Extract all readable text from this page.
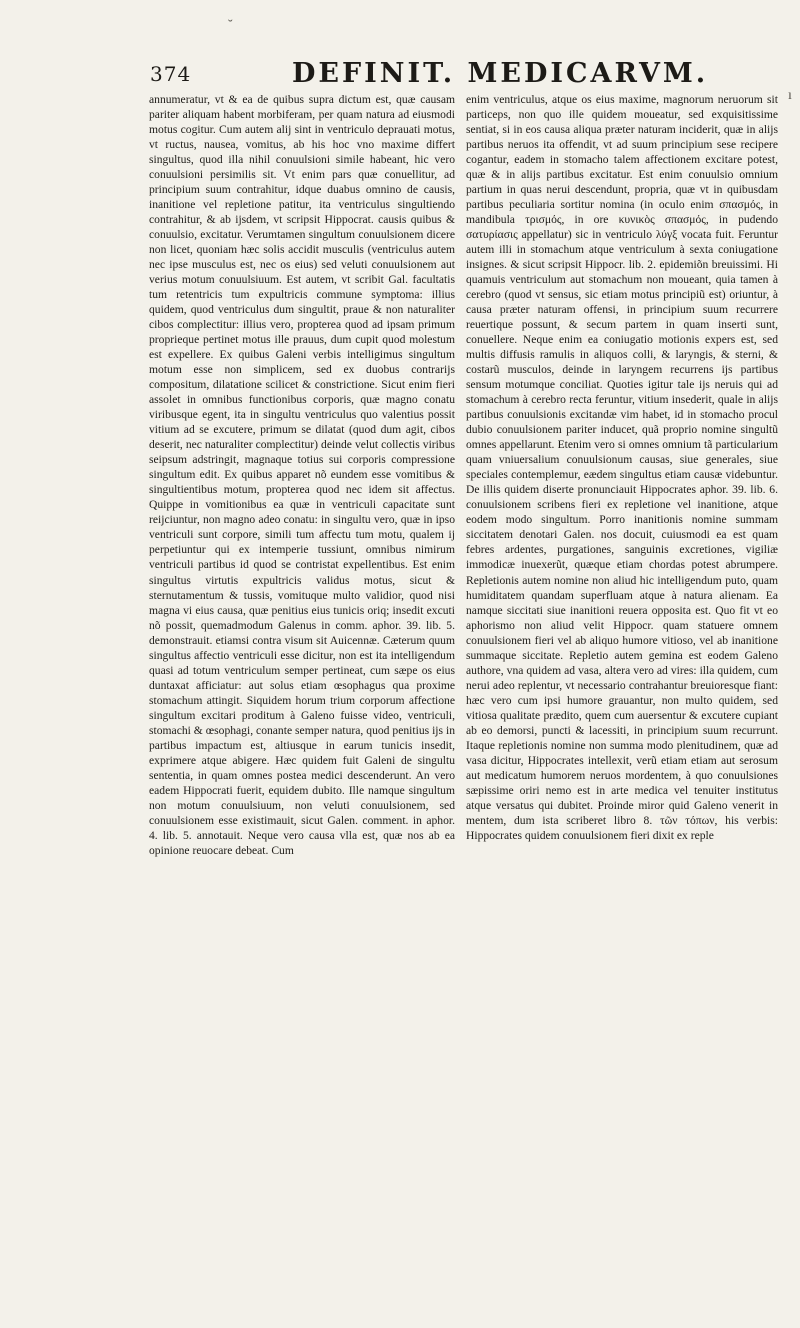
˘
374	DEFINIT. MEDICARVM.

annumeratur, vt & ea de quibus supra dictum est, quæ causam pariter aliquam habent morbiferam, per quam natura ad eiusmodi motus cogitur. Cum autem alij sint in ventriculo deprauati motus, vt ructus, nausea, vomitus, ab his hoc vno maxime differt singultus, quod illa nihil conuulsioni simile habeant, hic vero conuulsioni persimilis sit. Vt enim pars quæ conuellitur, ad principium suum contrahitur, idque duabus omnino de causis, inanitione vel repletione patitur, ita ventriculus singultiendo contrahitur, & ab ijsdem, vt scripsit Hippocrat. causis quibus & conuulsio, excitatur. Verumtamen singultum conuulsionem dicere non licet, quoniam hæc solis accidit musculis (ventriculus autem nec ipse musculus est, nec os eius) sed veluti conuulsionem aut verius motum conuulsiuum. Est autem, vt scribit Gal. facultatis tum retentricis tum expultricis commune symptoma: illius quidem, quod ventriculus dum singultit, praue & non naturaliter cibos complectitur: illius vero, propterea quod ad ipsam primum proprieque pertinet motus ille prauus, dum cupit quod molestum est expellere. Ex quibus Galeni verbis intelligimus singultum motum esse non simplicem, sed ex duobus contrarijs compositum, dilatatione scilicet & constrictione. Sicut enim fieri assolet in omnibus functionibus corporis, quæ magno conatu viribusque egent, ita in singultu ventriculus quo valentius possit vitium ad se excutere, primum se dilatat (quod dum agit, cibos deserit, nec naturaliter complectitur) deinde velut collectis viribus seipsum adstringit, magnaque totius sui corporis compressione singultum edit. Ex quibus apparet nõ eundem esse vomitibus & singultientibus motum, propterea quod nec idem sit affectus. Quippe in vomitionibus ea quæ in ventriculi capacitate sunt reijciuntur, non magno adeo conatu: in singultu vero, quæ in ipso ventriculi sunt corpore, simili tum affectu tum motu, qualem ij perpetiuntur qui ex intemperie tussiunt, omnibus nimirum ventriculi partibus id quod se contristat expellentibus. Est enim singultus virtutis expultricis validus motus, sicut & sternutamentum & tussis, vomituque multo validior, quod nisi magna vi eius causa, quæ penitius eius tunicis oriq; insedit excuti nõ possit, quemadmodum Galenus in comm. aphor. 39. lib. 5. demonstrauit. etiamsi contra visum sit Auicennæ. Cæterum quum singultus affectio ventriculi esse dicitur, non est ita intelligendum quasi ad totum ventriculum semper pertineat, cum sæpe os eius duntaxat afficiatur: aut solus etiam œsophagus qua proxime stomachum attingit. Siquidem horum trium corporum affectione singultum excitari proditum à Galeno fuisse video, ventriculi, stomachi & œsophagi, conante semper natura, quod penitius ijs in partibus impactum est, altiusque in earum tunicis insedit, exprimere atque abigere. Hæc quidem fuit Galeni de singultu sententia, in quam omnes postea medici descenderunt. An vero eadem Hippocrati fuerit, equidem dubito. Ille namque singultum non motum conuulsiuum, non veluti conuulsionem, sed conuulsionem esse existimauit, sicut Galen. comment. in aphor. 4. lib. 5. annotauit. Neque vero causa vlla est, quæ nos ab ea opinione reuocare debeat. Cum

enim ventriculus, atque os eius maxime, magnorum neruorum sit particeps, non quo ille quidem moueatur, sed exquisitissime sentiat, si in eos causa aliqua præter naturam inciderit, quæ in alijs partibus neruos ita offendit, vt ad suum principium sese recipere cogantur, eadem in stomacho talem affectionem excitare potest, quæ & in alijs partibus excitatur. Est enim conuulsio omnium partium in quas nerui descendunt, propria, quæ vt in quibusdam partibus peculiaria sortitur nomina (in oculo enim σπασμός, in mandibula τρισμός, in ore κυνικὸς σπασμός, in pudendo σατυρίασις appellatur) sic in ventriculo λύγξ vocata fuit. Feruntur autem illi in stomachum atque ventriculum à sexta coniugatione insignes. & sicut scripsit Hippocr. lib. 2. epidemiõn breuissimi. Hi quamuis ventriculum aut stomachum non moueant, quia tamen à cerebro (quod vt sensus, sic etiam motus principiũ est) oriuntur, à causa præter naturam offensi, in principium suum recurrere reuertique possunt, & secum partem in quam inserti sunt, conuellere. Neque enim ea coniugatio motionis expers est, sed multis diffusis ramulis in aliquos colli, & laryngis, & sterni, & costarũ musculos, deinde in laryngem recurrens ijs partibus sensum motumque conciliat. Quoties igitur tale ijs neruis qui ad stomachum à cerebro recta feruntur, vitium insederit, quale in alijs partibus conuulsionis excitandæ vim habet, id in stomacho procul dubio conuulsionem pariter inducet, quã proprio nomine singultũ omnes appellarunt. Etenim vero si omnes omnium tã particularium quam vniuersalium conuulsionum causas, siue generales, siue speciales contemplemur, eædem singultus etiam causæ videbuntur. De illis quidem diserte pronunciauit Hippocrates aphor. 39. lib. 6. conuulsionem scribens fieri ex repletione vel inanitione, atque eodem modo singultum. Porro inanitionis nomine summam siccitatem denotari Galen. nos docuit, cuiusmodi ea est quam febres ardentes, purgationes, sanguinis excretiones, vigiliæ immodicæ inuexerũt, quæque etiam chordas potest abrumpere. Repletionis autem nomine non aliud hic intelligendum puto, quam humiditatem quandam superfluam atque à natura alienam. Ea namque siccitati siue inanitioni reuera opposita est. Quo fit vt eo aphorismo non aliud velit Hippocr. quam statuere omnem conuulsionem fieri vel ab aliquo humore vitioso, vel ab inanitione summaque siccitate. Repletio autem gemina est eodem Galeno authore, vna quidem ad vasa, altera vero ad vires: illa quidem, cum nerui adeo replentur, vt necessario contrahantur breuioresque fiant: hæc vero cum ipsi humore grauantur, non multo quidem, sed vitiosa qualitate prædito, quem cum auersentur & excutere cupiant ab eo demorsi, puncti & lacessiti, in principium suum recurrunt. Itaque repletionis nomine non summa modo plenitudinem, quæ ad vasa dicitur, Hippocrates intellexit, verũ etiam etiam aut serosum aut medicatum humorem neruos mordentem, à quo conuulsiones sæpissime oriri nemo est in arte medica vel tenuiter institutus atque versatus qui dubitet. Proinde miror quid Galeno venerit in mentem, dum ista scriberet libro 8. τῶν τόπων, his verbis: Hippocrates quidem conuulsionem fieri dixit ex reple

ı
